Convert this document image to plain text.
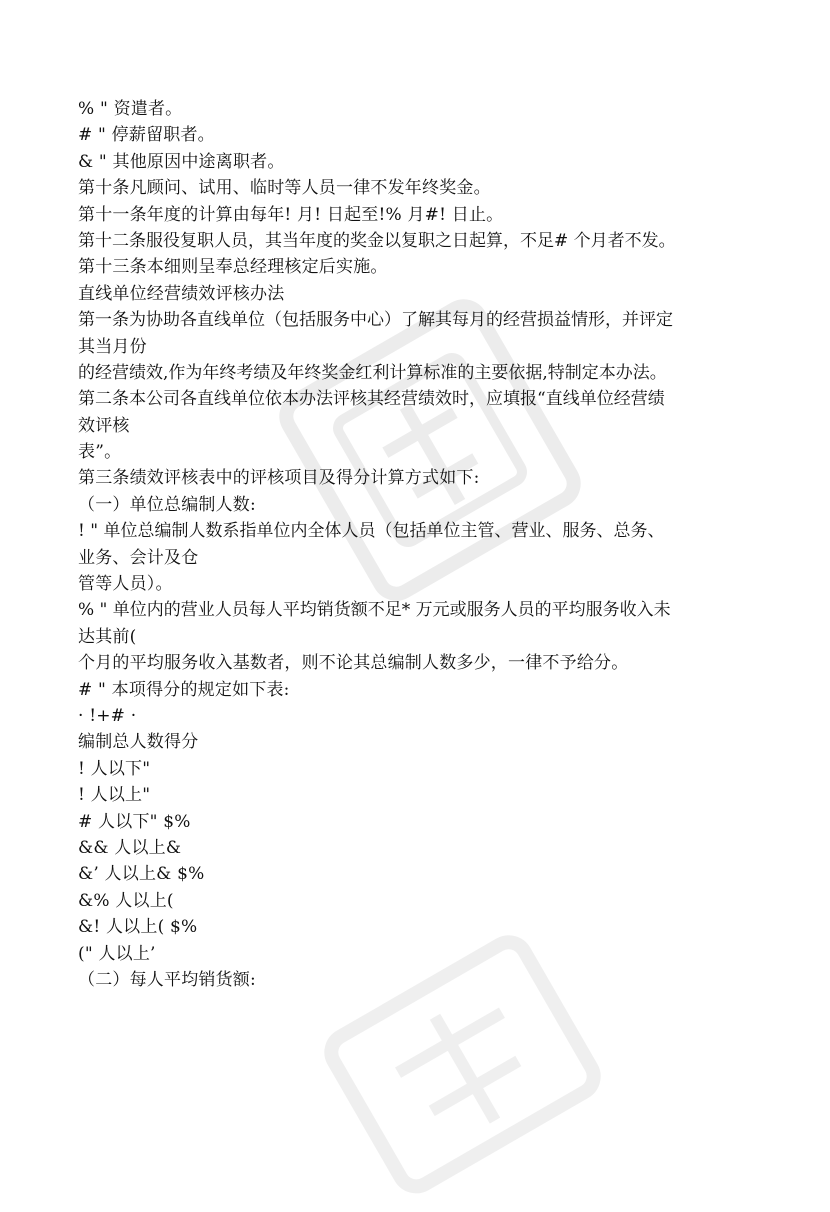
% " 资遣者。
# " 停薪留职者。
& " 其他原因中途离职者。
第十条凡顾问、试用、临时等人员一律不发年终奖金。
第十一条年度的计算由每年! 月! 日起至!% 月#! 日止。
第十二条服役复职人员，其当年度的奖金以复职之日起算，不足# 个月者不发。
第十三条本细则呈奉总经理核定后实施。
直线单位经营绩效评核办法
第一条为协助各直线单位（包括服务中心）了解其每月的经营损益情形，并评定
其当月份
的经营绩效,作为年终考绩及年终奖金红利计算标准的主要依据,特制定本办法。
第二条本公司各直线单位依本办法评核其经营绩效时，应填报“直线单位经营绩
效评核
表”。
第三条绩效评核表中的评核项目及得分计算方式如下:
（一）单位总编制人数:
! " 单位总编制人数系指单位内全体人员（包括单位主管、营业、服务、总务、
业务、会计及仓
管等人员）。
% " 单位内的营业人员每人平均销货额不足* 万元或服务人员的平均服务收入未
达其前(
个月的平均服务收入基数者，则不论其总编制人数多少，一律不予给分。
# " 本项得分的规定如下表:
· !+# ·
编制总人数得分
! 人以下"
! 人以上"
# 人以下" $%
&& 人以上&
&’ 人以上& $%
&% 人以上(
&! 人以上( $%
(" 人以上’
（二）每人平均销货额:
